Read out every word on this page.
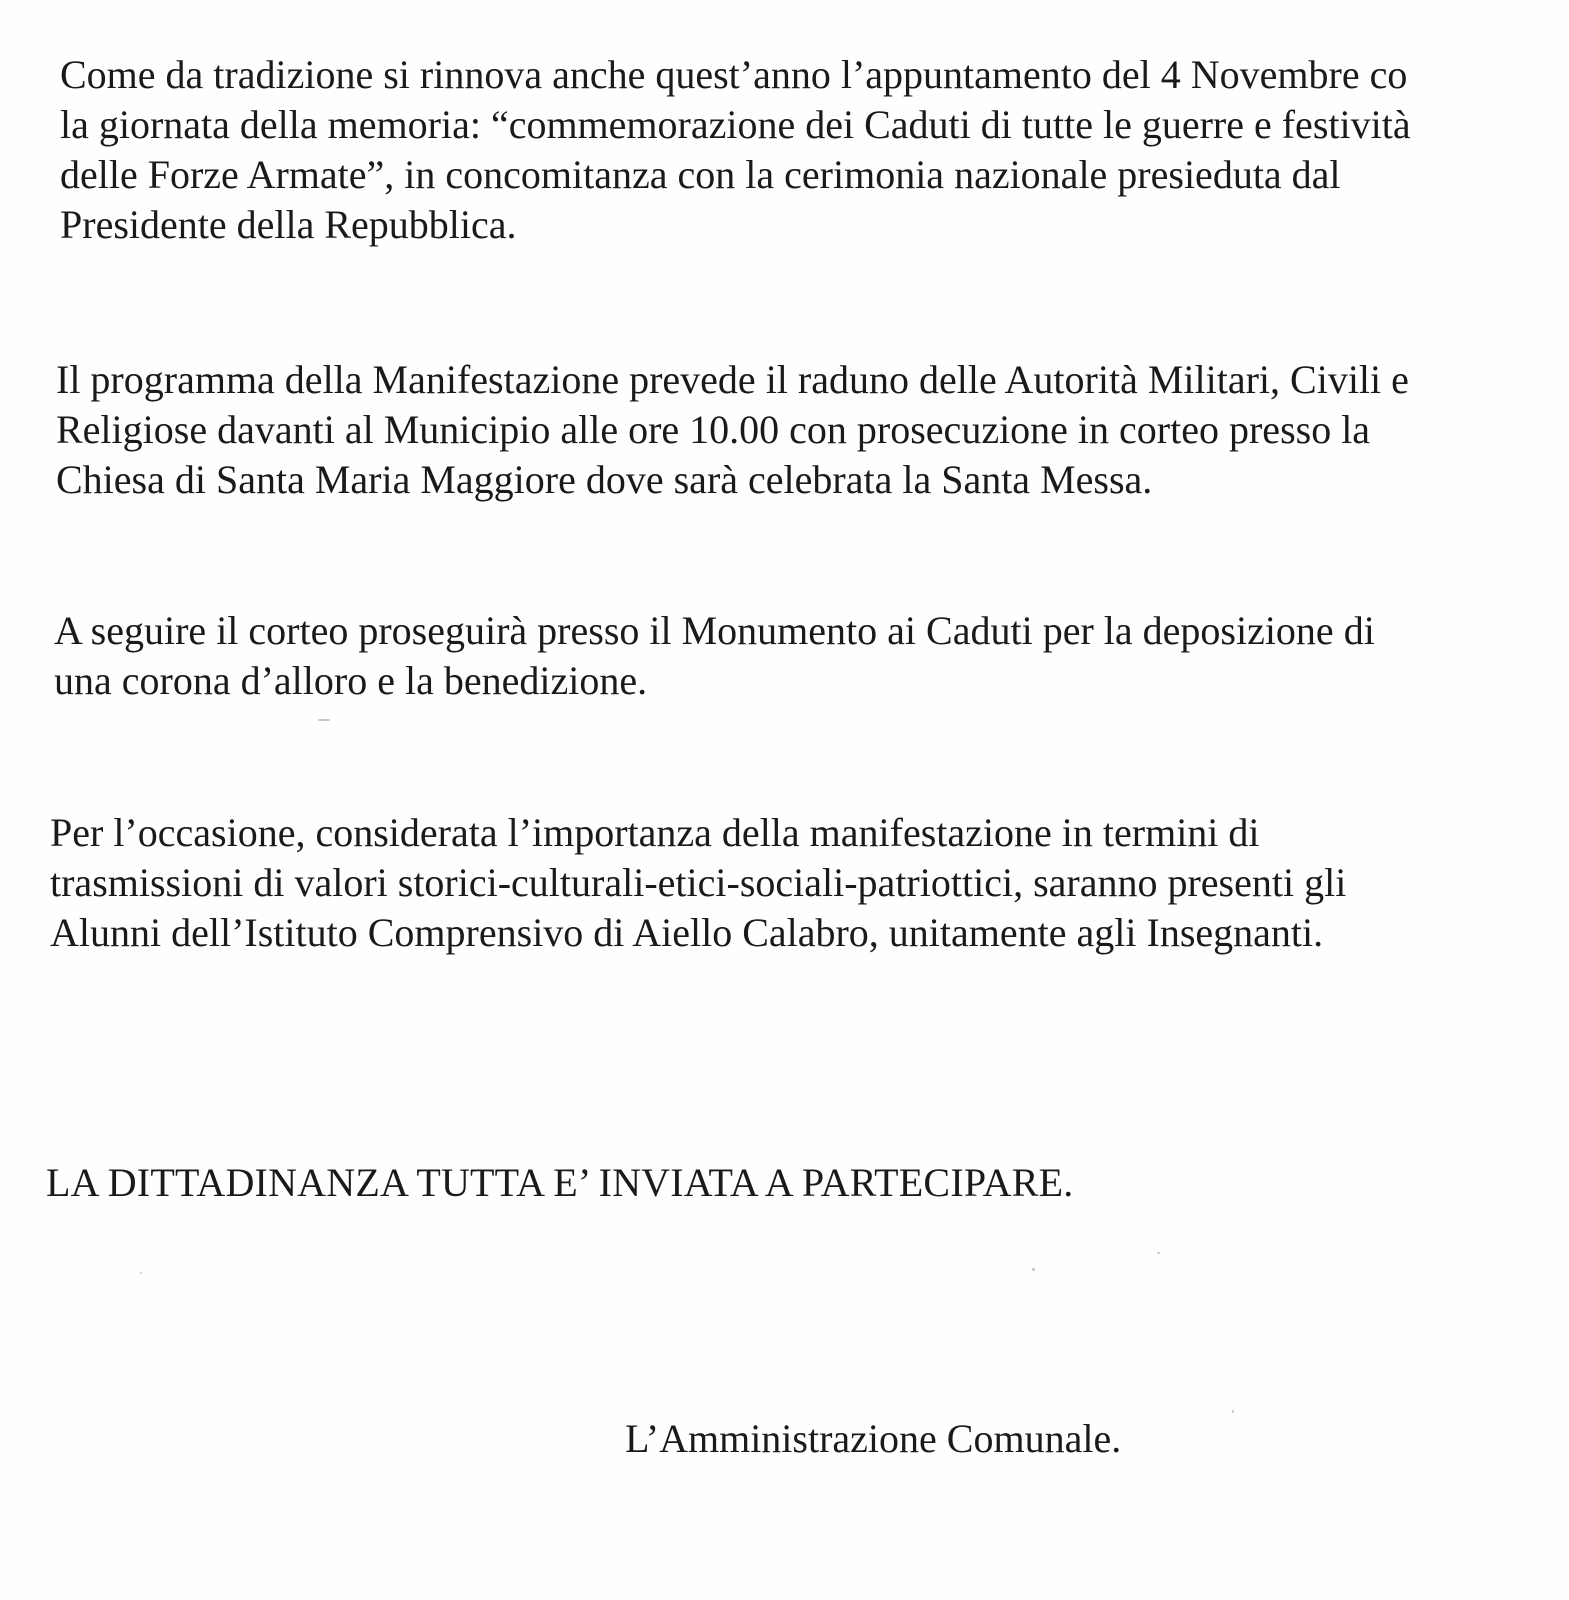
Come da tradizione si rinnova anche quest’anno l’appuntamento del 4 Novembre co
la giornata della memoria: “commemorazione dei Caduti di tutte le guerre e festività
delle Forze Armate”, in concomitanza con la cerimonia nazionale presieduta dal
Presidente della Repubblica.

Il programma della Manifestazione prevede il raduno delle Autorità Militari, Civili e
Religiose davanti al Municipio alle ore 10.00 con prosecuzione in corteo presso la
Chiesa di Santa Maria Maggiore dove sarà celebrata la Santa Messa.

A seguire il corteo proseguirà presso il Monumento ai Caduti per la deposizione di
una corona d’alloro e la benedizione.

Per l’occasione, considerata l’importanza della manifestazione in termini di
trasmissioni di valori storici-culturali-etici-sociali-patriottici, saranno presenti gli
Alunni dell’Istituto Comprensivo di Aiello Calabro, unitamente agli Insegnanti.

LA DITTADINANZA TUTTA E’ INVIATA A PARTECIPARE.

L’Amministrazione Comunale.
